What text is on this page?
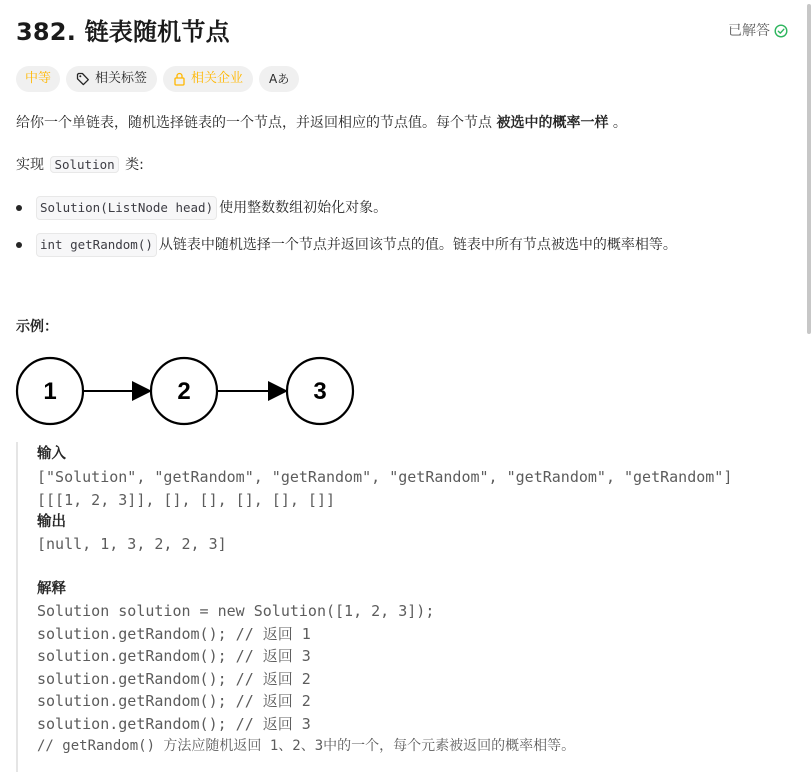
382. 链表随机节点	已解答
中等	相关标签	相关企业 Aあ
给你一个单链表，随机选择链表的一个节点，并返回相应的节点值。每个节点 被选中的概率一样 。
实现 Solution 类:
Solution(ListNode head) 使用整数数组初始化对象。
int getRandom() 从链表中随机选择一个节点并返回该节点的值。链表中所有节点被选中的概率相等。
示例：
1	2	3
输入
["Solution", "getRandom", "getRandom", "getRandom", "getRandom", "getRandom"]
[[[1, 2, 3]], [], [], [], [], []]
输出
[null, 1, 3, 2, 2, 3]
解释
Solution solution = new Solution([1, 2, 3]);
solution.getRandom(); // 返回 1
solution.getRandom(); // 返回 3
solution.getRandom(); // 返回 2
solution.getRandom(); // 返回 2
solution.getRandom(); // 返回 3
// getRandom() 方法应随机返回 1、2、3中的一个，每个元素被返回的概率相等。
